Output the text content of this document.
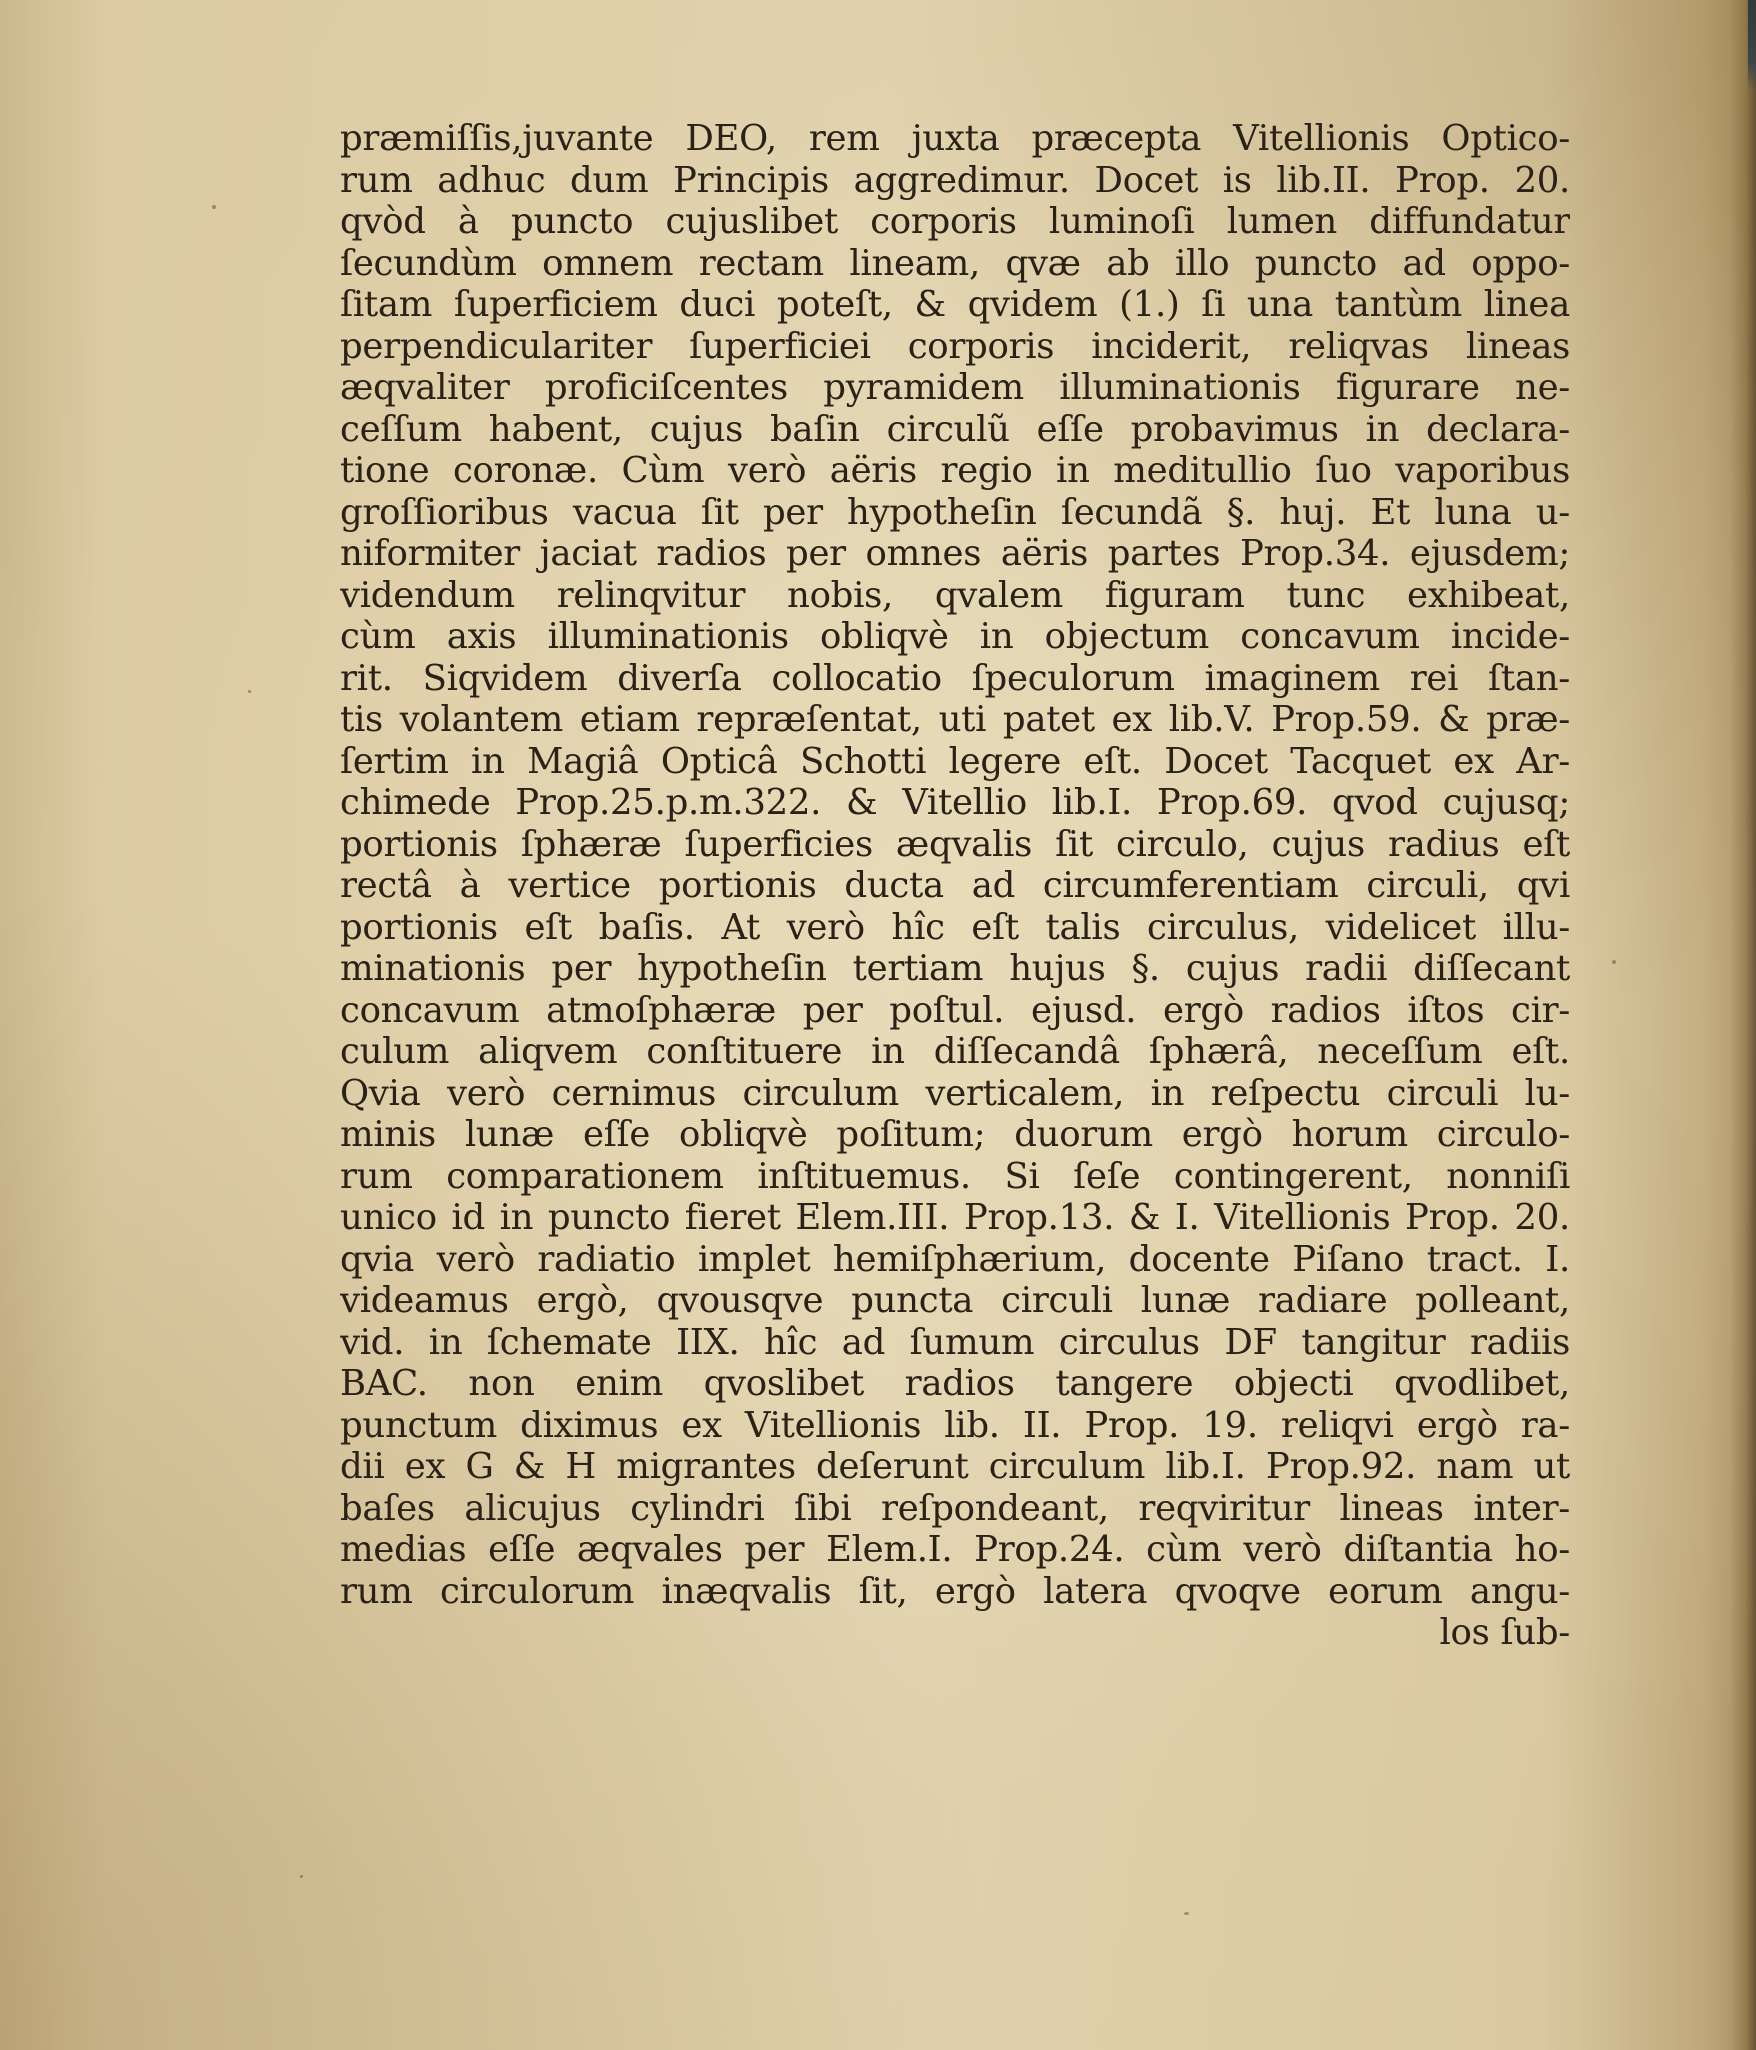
præmiſſis,juvante DEO, rem juxta præcepta Vitellionis Optico-
rum adhuc dum Principis aggredimur. Docet is lib.II. Prop. 20.
qvòd à puncto cujuslibet corporis luminoſi lumen diffundatur
ſecundùm omnem rectam lineam, qvæ ab illo puncto ad oppo-
ſitam ſuperficiem duci poteſt, & qvidem (1.) ſi una tantùm linea
perpendiculariter ſuperficiei corporis inciderit, reliqvas lineas
æqvaliter proficiſcentes pyramidem illuminationis figurare ne-
ceſſum habent, cujus baſin circulũ eſſe probavimus in declara-
tione coronæ. Cùm verò aëris regio in meditullio ſuo vaporibus
groſſioribus vacua ſit per hypotheſin ſecundã §. huj. Et luna u-
niformiter jaciat radios per omnes aëris partes Prop.34. ejusdem;
videndum relinqvitur nobis, qvalem figuram tunc exhibeat,
cùm axis illuminationis obliqvè in objectum concavum incide-
rit. Siqvidem diverſa collocatio ſpeculorum imaginem rei ſtan-
tis volantem etiam repræſentat, uti patet ex lib.V. Prop.59. & præ-
ſertim in Magiâ Opticâ Schotti legere eſt. Docet Tacquet ex Ar-
chimede Prop.25.p.m.322. & Vitellio lib.I. Prop.69. qvod cujusq;
portionis ſphæræ ſuperficies æqvalis ſit circulo, cujus radius eſt
rectâ à vertice portionis ducta ad circumferentiam circuli, qvi
portionis eſt baſis. At verò hîc eſt talis circulus, videlicet illu-
minationis per hypotheſin tertiam hujus §. cujus radii diſſecant
concavum atmoſphæræ per poſtul. ejusd. ergò radios iſtos cir-
culum aliqvem conſtituere in diſſecandâ ſphærâ, neceſſum eſt.
Qvia verò cernimus circulum verticalem, in reſpectu circuli lu-
minis lunæ eſſe obliqvè poſitum; duorum ergò horum circulo-
rum comparationem inſtituemus. Si ſeſe contingerent, nonniſi
unico id in puncto fieret Elem.III. Prop.13. & I. Vitellionis Prop. 20.
qvia verò radiatio implet hemiſphærium, docente Piſano tract. I.
videamus ergò, qvousqve puncta circuli lunæ radiare polleant,
vid. in ſchemate IIX. hîc ad ſumum circulus DF tangitur radiis
BAC. non enim qvoslibet radios tangere objecti qvodlibet,
punctum diximus ex Vitellionis lib. II. Prop. 19. reliqvi ergò ra-
dii ex G & H migrantes deſerunt circulum lib.I. Prop.92. nam ut
baſes alicujus cylindri ſibi reſpondeant, reqviritur lineas inter-
medias eſſe æqvales per Elem.I. Prop.24. cùm verò diſtantia ho-
rum circulorum inæqvalis ſit, ergò latera qvoqve eorum angu-
los ſub-
